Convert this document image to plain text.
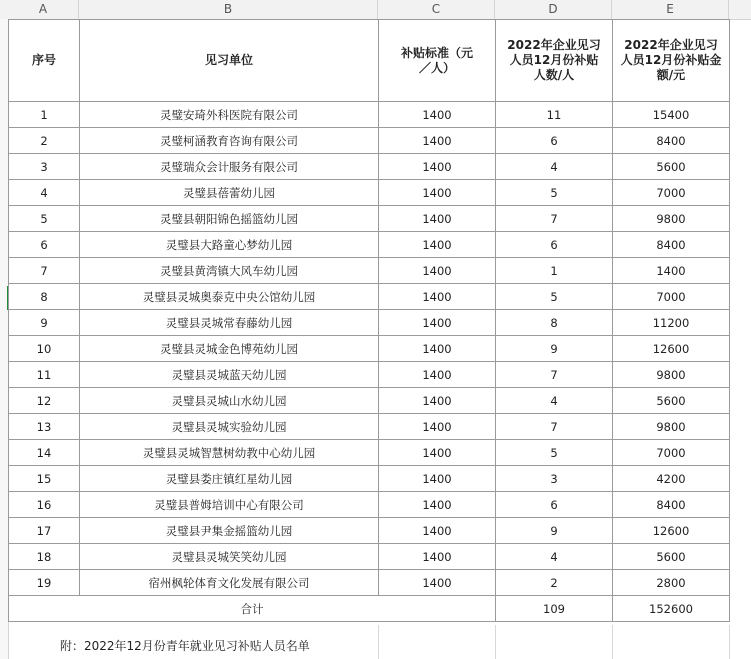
A	B	C	D	E
序号	见习单位	补贴标准（元／人）	2022年企业见习人员12月份补贴人数/人	2022年企业见习人员12月份补贴金额/元

1	灵璧安琦外科医院有限公司	1400	11	15400
2	灵璧柯涵教育咨询有限公司	1400	6	8400
3	灵璧瑞众会计服务有限公司	1400	4	5600
4	灵璧县蓓蕾幼儿园	1400	5	7000
5	灵璧县朝阳锦色摇篮幼儿园	1400	7	9800
6	灵璧县大路童心梦幼儿园	1400	6	8400
7	灵璧县黄湾镇大风车幼儿园	1400	1	1400
8	灵璧县灵城奥泰克中央公馆幼儿园	1400	5	7000
9	灵璧县灵城常春藤幼儿园	1400	8	11200
10	灵璧县灵城金色博苑幼儿园	1400	9	12600
11	灵璧县灵城蓝天幼儿园	1400	7	9800
12	灵璧县灵城山水幼儿园	1400	4	5600
13	灵璧县灵城实验幼儿园	1400	7	9800
14	灵璧县灵城智慧树幼教中心幼儿园	1400	5	7000
15	灵璧县娄庄镇红星幼儿园	1400	3	4200
16	灵璧县普姆培训中心有限公司	1400	6	8400
17	灵璧县尹集金摇篮幼儿园	1400	9	12600
18	灵璧县灵城笑笑幼儿园	1400	4	5600
19	宿州枫轮体育文化发展有限公司	1400	2	2800
合计			109	152600
附：2022年12月份青年就业见习补贴人员名单
